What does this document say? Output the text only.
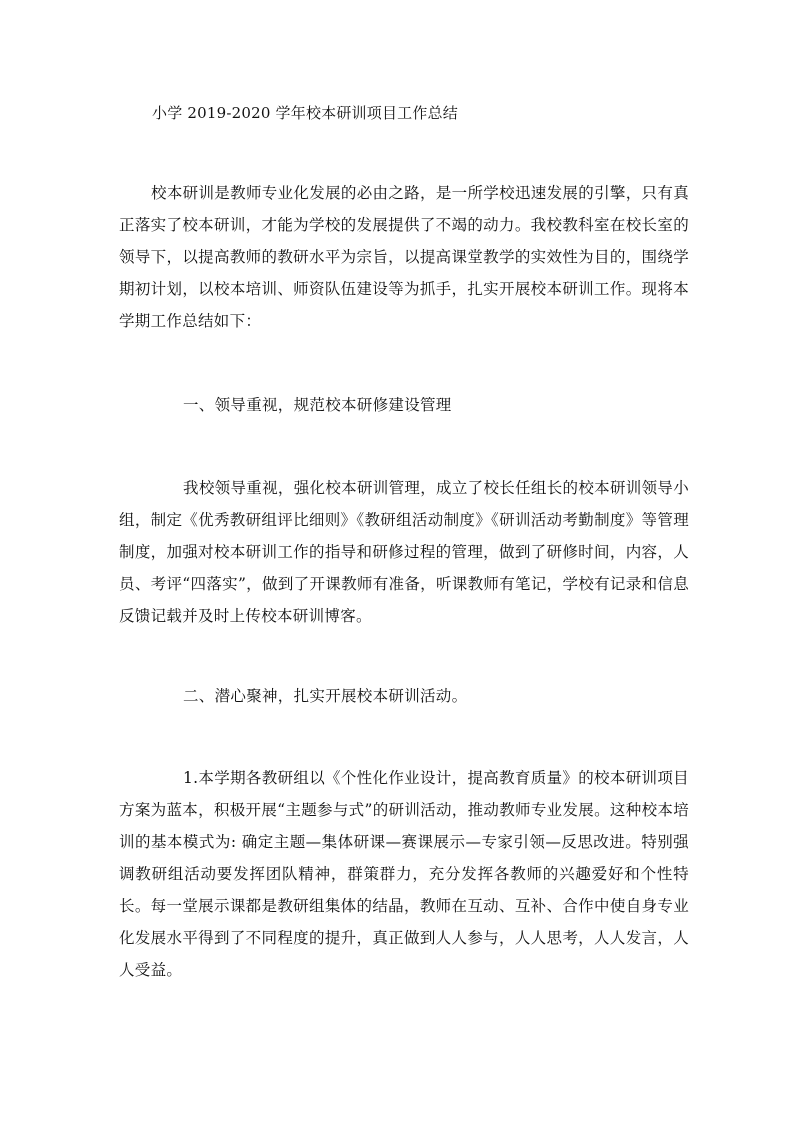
小学 2019-2020 学年校本研训项目工作总结

校本研训是教师专业化发展的必由之路，是一所学校迅速发展的引擎，只有真正落实了校本研训，才能为学校的发展提供了不竭的动力。我校教科室在校长室的领导下，以提高教师的教研水平为宗旨，以提高课堂教学的实效性为目的，围绕学期初计划，以校本培训、师资队伍建设等为抓手，扎实开展校本研训工作。现将本学期工作总结如下：

一、领导重视，规范校本研修建设管理

我校领导重视，强化校本研训管理，成立了校长任组长的校本研训领导小组，制定《优秀教研组评比细则》《教研组活动制度》《研训活动考勤制度》等管理制度，加强对校本研训工作的指导和研修过程的管理，做到了研修时间，内容，人员、考评“四落实”，做到了开课教师有准备，听课教师有笔记，学校有记录和信息反馈记载并及时上传校本研训博客。

二、潜心聚神，扎实开展校本研训活动。

1.本学期各教研组以《个性化作业设计，提高教育质量》的校本研训项目方案为蓝本，积极开展“主题参与式”的研训活动，推动教师专业发展。这种校本培训的基本模式为: 确定主题—集体研课—赛课展示—专家引领—反思改进。特别强调教研组活动要发挥团队精神，群策群力，充分发挥各教师的兴趣爱好和个性特长。每一堂展示课都是教研组集体的结晶，教师在互动、互补、合作中使自身专业化发展水平得到了不同程度的提升，真正做到人人参与，人人思考，人人发言，人人受益。
